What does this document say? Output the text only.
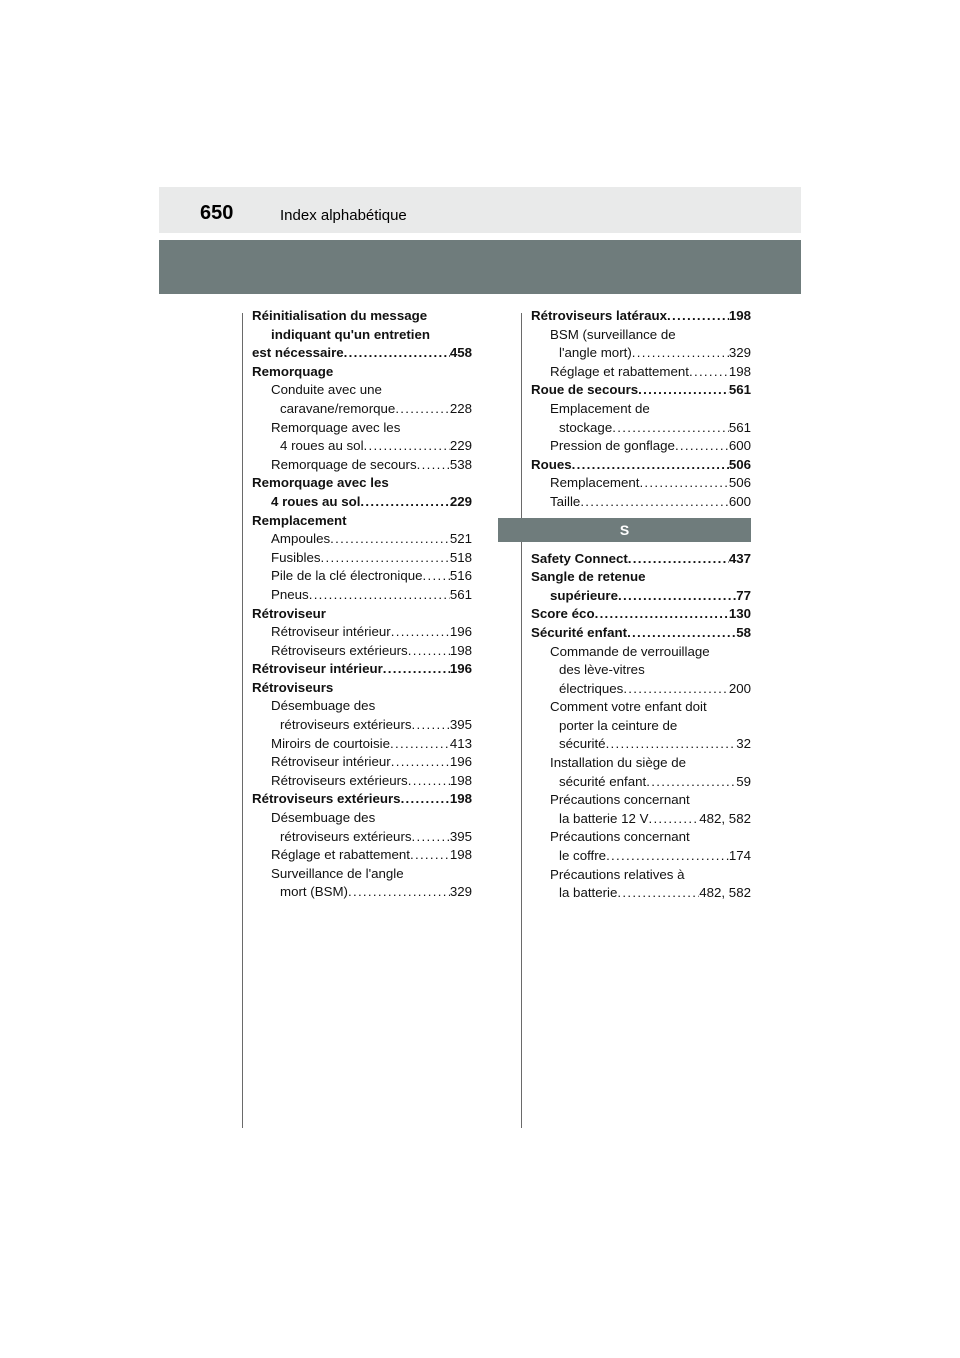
650	Index alphabétique
Réinitialisation du message
indiquant qu'un entretien
est nécessaire . . .	458
Remorquage
Conduite avec une
caravane/remorque . . .	228
Remorquage avec les
4 roues au sol . . .	229
Remorquage de secours . . . 538
Remorquage avec les
4 roues au sol . . .	229
Remplacement
Ampoules . . .	521
Fusibles . . .	518
Pile de la clé électronique . . . 516
Pneus . . .	561
Rétroviseur
Rétroviseur intérieur . . .	196
Rétroviseurs extérieurs . . .	198
Rétroviseur intérieur . . .	196
Rétroviseurs
Désembuage des
rétroviseurs extérieurs . . .	395
Miroirs de courtoisie . . .	413
Rétroviseur intérieur . . .	196
Rétroviseurs extérieurs . . .	198
Rétroviseurs extérieurs . . .	198
Désembuage des
rétroviseurs extérieurs . . .	395
Réglage et rabattement . . .	198
Surveillance de l'angle
mort (BSM) . . .	329
Rétroviseurs latéraux . . .	198
BSM (surveillance de
l'angle mort) . . .	329
Réglage et rabattement . . .	198
Roue de secours . . .	561
Emplacement de
stockage . . .	561
Pression de gonflage . . .	600
Roues . . .	506
Remplacement . . .	506
Taille . . .	600
S
Safety Connect . . .	437
Sangle de retenue
supérieure . . .	77
Score éco . . .	130
Sécurité enfant . . .	58
Commande de verrouillage
des lève-vitres
électriques . . .	200
Comment votre enfant doit
porter la ceinture de
sécurité . . .	32
Installation du siège de
sécurité enfant . . .	59
Précautions concernant
la batterie 12 V . . .	482, 582
Précautions concernant
le coffre . . .	174
Précautions relatives à
la batterie . . .	482, 582
